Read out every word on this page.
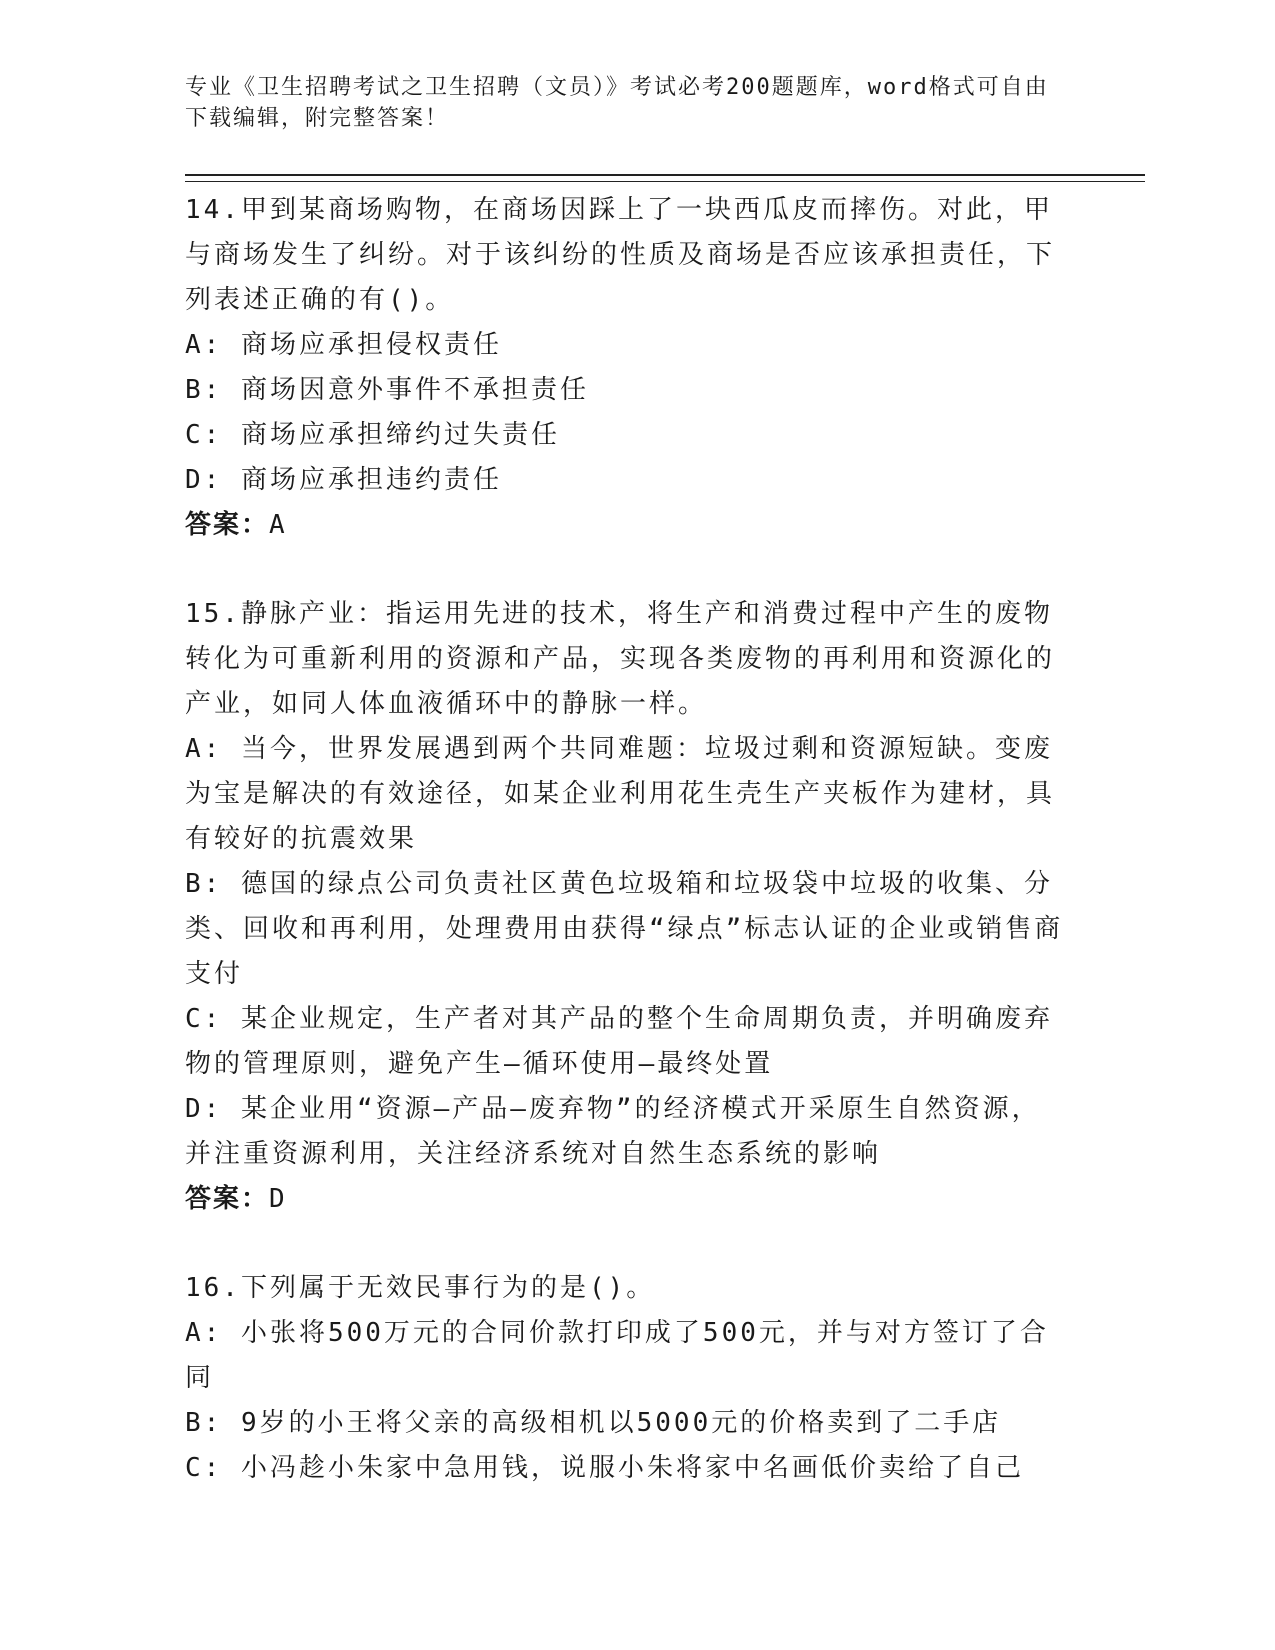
专业《卫生招聘考试之卫生招聘（文员）》考试必考200题题库，word格式可自由下载编辑，附完整答案！

14.甲到某商场购物，在商场因踩上了一块西瓜皮而摔伤。对此，甲与商场发生了纠纷。对于该纠纷的性质及商场是否应该承担责任，下列表述正确的有()。

A: 商场应承担侵权责任

B: 商场因意外事件不承担责任

C: 商场应承担缔约过失责任

D: 商场应承担违约责任

答案：A

15.静脉产业：指运用先进的技术，将生产和消费过程中产生的废物转化为可重新利用的资源和产品，实现各类废物的再利用和资源化的产业，如同人体血液循环中的静脉一样。

A: 当今，世界发展遇到两个共同难题：垃圾过剩和资源短缺。变废为宝是解决的有效途径，如某企业利用花生壳生产夹板作为建材，具有较好的抗震效果

B: 德国的绿点公司负责社区黄色垃圾箱和垃圾袋中垃圾的收集、分类、回收和再利用，处理费用由获得“绿点”标志认证的企业或销售商支付

C: 某企业规定，生产者对其产品的整个生命周期负责，并明确废弃物的管理原则，避免产生—循环使用—最终处置

D: 某企业用“资源—产品—废弃物”的经济模式开采原生自然资源，并注重资源利用，关注经济系统对自然生态系统的影响

答案：D

16.下列属于无效民事行为的是()。

A: 小张将500万元的合同价款打印成了500元，并与对方签订了合同

B: 9岁的小王将父亲的高级相机以5000元的价格卖到了二手店

C: 小冯趁小朱家中急用钱，说服小朱将家中名画低价卖给了自己
